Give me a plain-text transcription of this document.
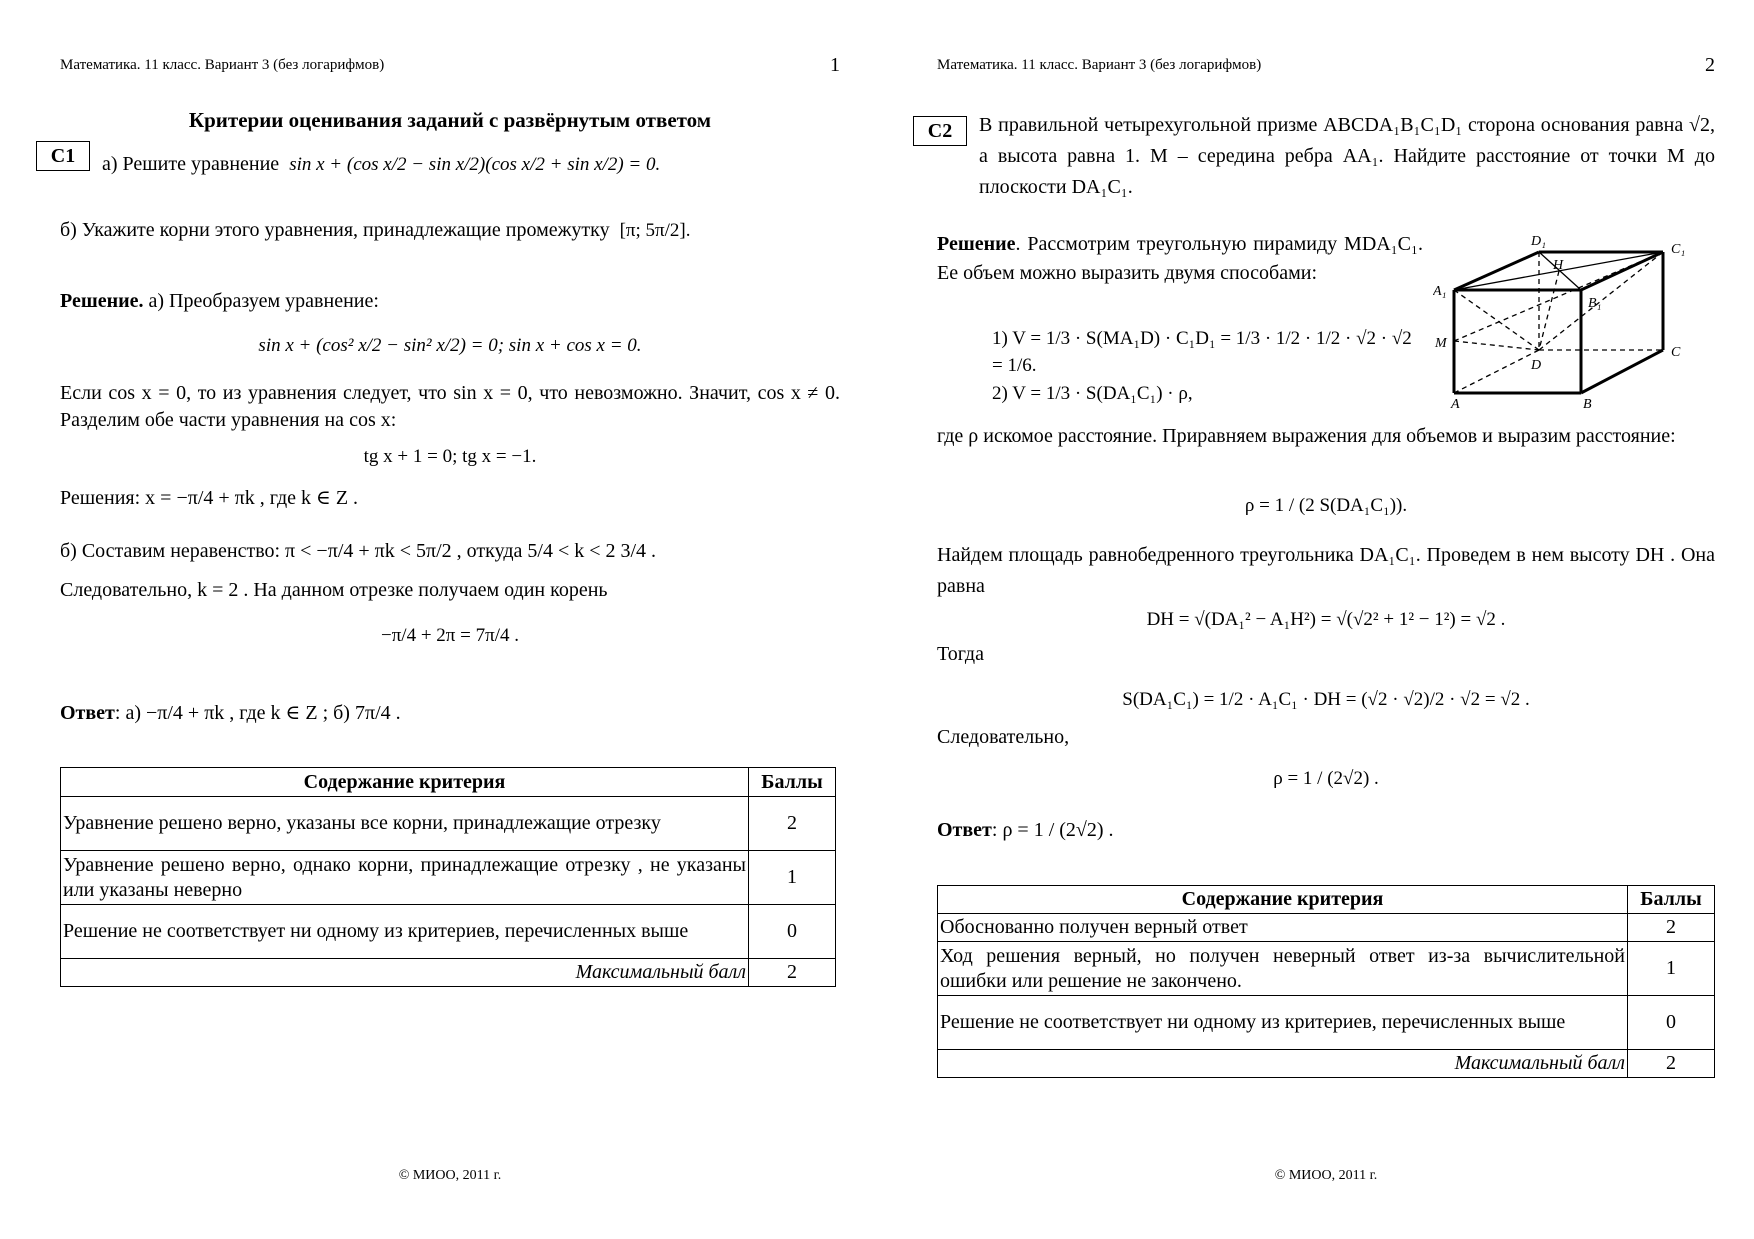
Математика. 11 класс. Вариант 3 (без логарифмов)	1
Критерии оценивания заданий с развёрнутым ответом
C1	а) Решите уравнение sin x + (cos x/2 − sin x/2)(cos x/2 + sin x/2) = 0.
б) Укажите корни этого уравнения, принадлежащие промежутку [π; 5π/2].
Решение. а) Преобразуем уравнение:
sin x + (cos² x/2 − sin² x/2) = 0; sin x + cos x = 0.
Если cos x = 0, то из уравнения следует, что sin x = 0, что невозможно. Значит, cos x ≠ 0. Разделим обе части уравнения на cos x:
tg x + 1 = 0; tg x = −1.
Решения: x = −π/4 + πk , где k ∈ Z .
б) Составим неравенство: π < −π/4 + πk < 5π/2 , откуда 5/4 < k < 2 3/4 .
Следовательно, k = 2 . На данном отрезке получаем один корень
−π/4 + 2π = 7π/4 .
Ответ: а) −π/4 + πk , где k ∈ Z ; б) 7π/4 .
Содержание критерия	Баллы
Уравнение решено верно, указаны все корни, принадлежащие отрезку	2
Уравнение решено верно, однако корни, принадлежащие отрезку , не указаны или указаны неверно	1
Решение не соответствует ни одному из критериев, перечисленных выше	0
Максимальный балл	2
© МИОО, 2011 г.
Математика. 11 класс. Вариант 3 (без логарифмов)	2
C2	В правильной четырехугольной призме ABCDA₁B₁C₁D₁ сторона основания равна √2, а высота равна 1. M – середина ребра AA₁. Найдите расстояние от точки M до плоскости DA₁C₁.
Решение. Рассмотрим треугольную пирамиду MDA₁C₁. Ее объем можно выразить двумя способами:
1) V = 1/3 · S(MA₁D) · C₁D₁ = 1/3 · 1/2 · 1/2 · √2 · √2 = 1/6.
2) V = 1/3 · S(DA₁C₁) · ρ,
D₁
C₁
H
A₁
B₁
M
D
C
A	B
где ρ искомое расстояние. Приравняем выражения для объемов и выразим расстояние:
ρ = 1 / (2 S(DA₁C₁)).
Найдем площадь равнобедренного треугольника DA₁C₁. Проведем в нем высоту DH . Она равна
DH = √(DA₁² − A₁H²) = √(√2² + 1² − 1²) = √2 .
Тогда
S(DA₁C₁) = 1/2 · A₁C₁ · DH = (√2 · √2)/2 · √2 = √2 .
Следовательно,
ρ = 1 / (2√2) .
Ответ: ρ = 1 / (2√2) .
Содержание критерия	Баллы
Обоснованно получен верный ответ	2
Ход решения верный, но получен неверный ответ из-за вычислительной ошибки или решение не закончено.	1
Решение не соответствует ни одному из критериев, перечисленных выше	0
Максимальный балл	2
© МИОО, 2011 г.
